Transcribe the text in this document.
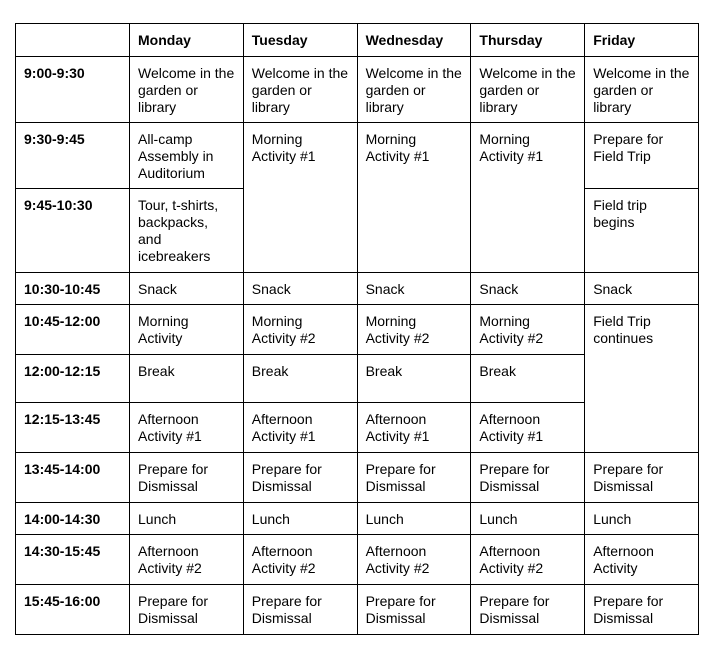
	Monday	Tuesday	Wednesday	Thursday	Friday
9:00-9:30	Welcome in the garden or library	Welcome in the garden or library	Welcome in the garden or library	Welcome in the garden or library	Welcome in the garden or library
9:30-9:45	All-camp Assembly in Auditorium	Morning Activity #1	Morning Activity #1	Morning Activity #1	Prepare for Field Trip
9:45-10:30	Tour, t-shirts, backpacks, and icebreakers				Field trip begins
10:30-10:45	Snack	Snack	Snack	Snack	Snack
10:45-12:00	Morning Activity	Morning Activity #2	Morning Activity #2	Morning Activity #2	Field Trip continues
12:00-12:15	Break	Break	Break	Break	
12:15-13:45	Afternoon Activity #1	Afternoon Activity #1	Afternoon Activity #1	Afternoon Activity #1	
13:45-14:00	Prepare for Dismissal	Prepare for Dismissal	Prepare for Dismissal	Prepare for Dismissal	Prepare for Dismissal
14:00-14:30	Lunch	Lunch	Lunch	Lunch	Lunch
14:30-15:45	Afternoon Activity #2	Afternoon Activity #2	Afternoon Activity #2	Afternoon Activity #2	Afternoon Activity
15:45-16:00	Prepare for Dismissal	Prepare for Dismissal	Prepare for Dismissal	Prepare for Dismissal	Prepare for Dismissal
